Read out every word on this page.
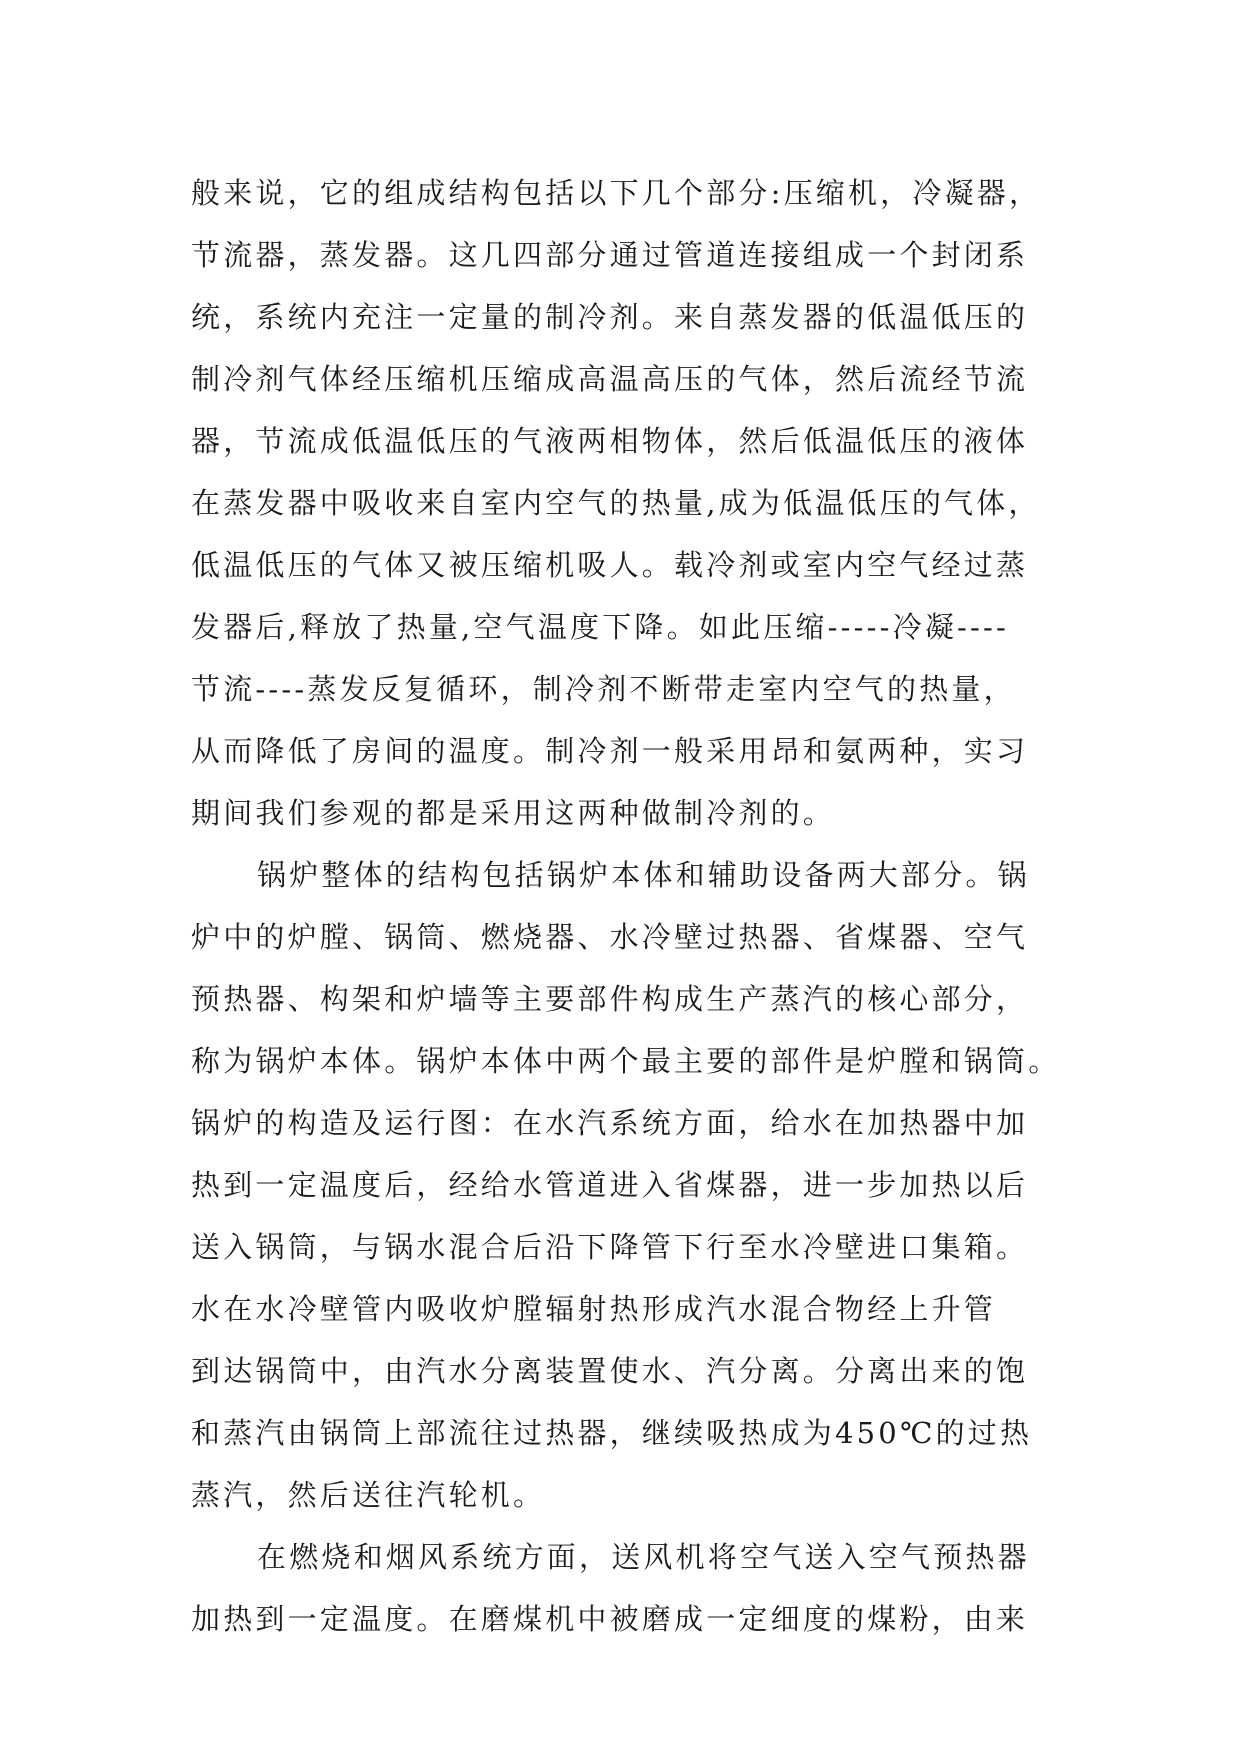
般来说，它的组成结构包括以下几个部分:压缩机，冷凝器，
节流器，蒸发器。这几四部分通过管道连接组成一个封闭系
统，系统内充注一定量的制冷剂。来自蒸发器的低温低压的
制冷剂气体经压缩机压缩成高温高压的气体，然后流经节流
器，节流成低温低压的气液两相物体，然后低温低压的液体
在蒸发器中吸收来自室内空气的热量,成为低温低压的气体，
低温低压的气体又被压缩机吸人。载冷剂或室内空气经过蒸
发器后,释放了热量,空气温度下降。如此压缩-----冷凝----
节流----蒸发反复循环，制冷剂不断带走室内空气的热量，
从而降低了房间的温度。制冷剂一般采用昂和氨两种，实习
期间我们参观的都是采用这两种做制冷剂的。
锅炉整体的结构包括锅炉本体和辅助设备两大部分。锅
炉中的炉膛、锅筒、燃烧器、水冷壁过热器、省煤器、空气
预热器、构架和炉墙等主要部件构成生产蒸汽的核心部分，
称为锅炉本体。锅炉本体中两个最主要的部件是炉膛和锅筒。
锅炉的构造及运行图：在水汽系统方面，给水在加热器中加
热到一定温度后，经给水管道进入省煤器，进一步加热以后
送入锅筒，与锅水混合后沿下降管下行至水冷壁进口集箱。
水在水冷壁管内吸收炉膛辐射热形成汽水混合物经上升管
到达锅筒中，由汽水分离装置使水、汽分离。分离出来的饱
和蒸汽由锅筒上部流往过热器，继续吸热成为450℃的过热
蒸汽，然后送往汽轮机。
在燃烧和烟风系统方面，送风机将空气送入空气预热器
加热到一定温度。在磨煤机中被磨成一定细度的煤粉，由来
